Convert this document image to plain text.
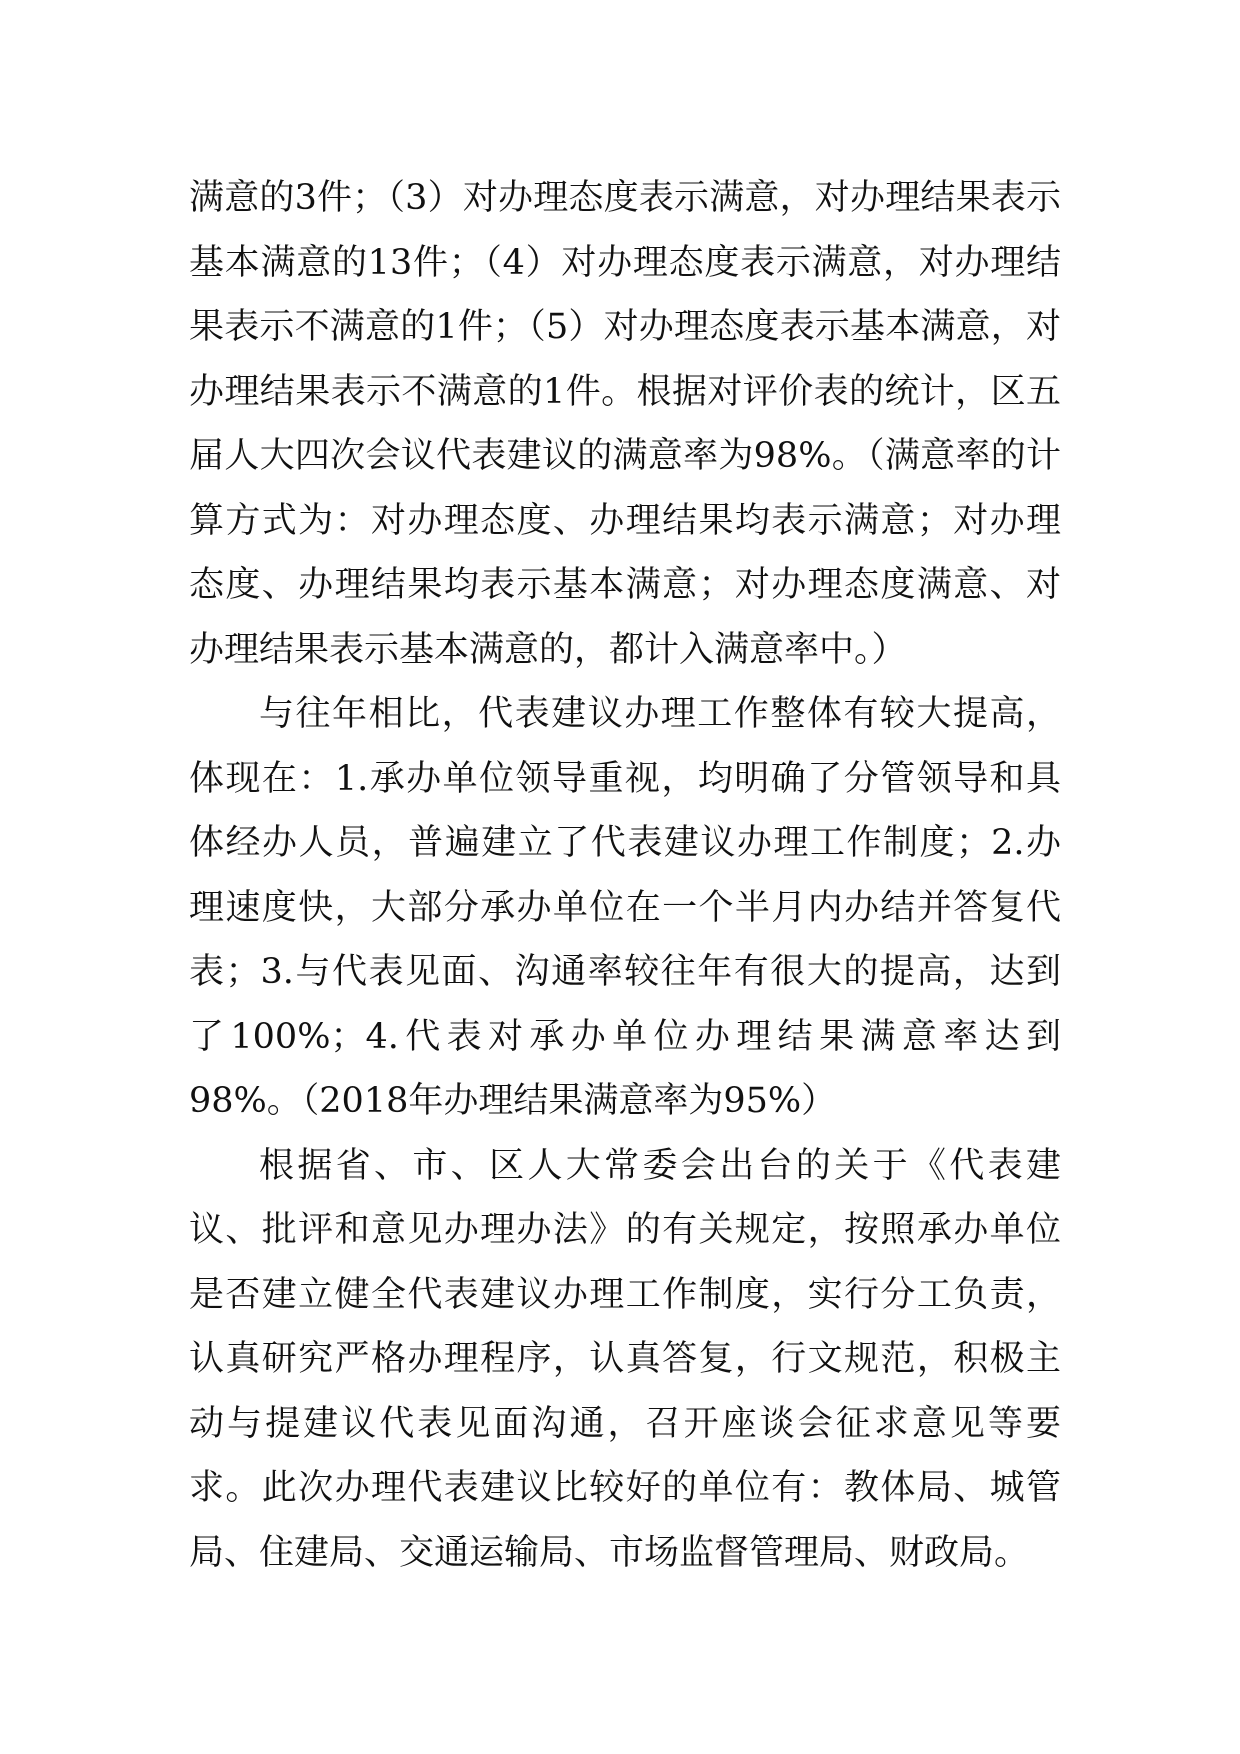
满意的3件；（3）对办理态度表示满意，对办理结果表示基本满意的13件；（4）对办理态度表示满意，对办理结果表示不满意的1件；（5）对办理态度表示基本满意，对办理结果表示不满意的1件。根据对评价表的统计，区五届人大四次会议代表建议的满意率为98%。（满意率的计算方式为：对办理态度、办理结果均表示满意；对办理态度、办理结果均表示基本满意；对办理态度满意、对办理结果表示基本满意的，都计入满意率中。）

与往年相比，代表建议办理工作整体有较大提高，体现在：1.承办单位领导重视，均明确了分管领导和具体经办人员，普遍建立了代表建议办理工作制度；2.办理速度快，大部分承办单位在一个半月内办结并答复代表；3.与代表见面、沟通率较往年有很大的提高，达到了100%；4.代表对承办单位办理结果满意率达到98%。（2018年办理结果满意率为95%）

根据省、市、区人大常委会出台的关于《代表建议、批评和意见办理办法》的有关规定，按照承办单位是否建立健全代表建议办理工作制度，实行分工负责，认真研究严格办理程序，认真答复，行文规范，积极主动与提建议代表见面沟通，召开座谈会征求意见等要求。此次办理代表建议比较好的单位有：教体局、城管局、住建局、交通运输局、市场监督管理局、财政局。
